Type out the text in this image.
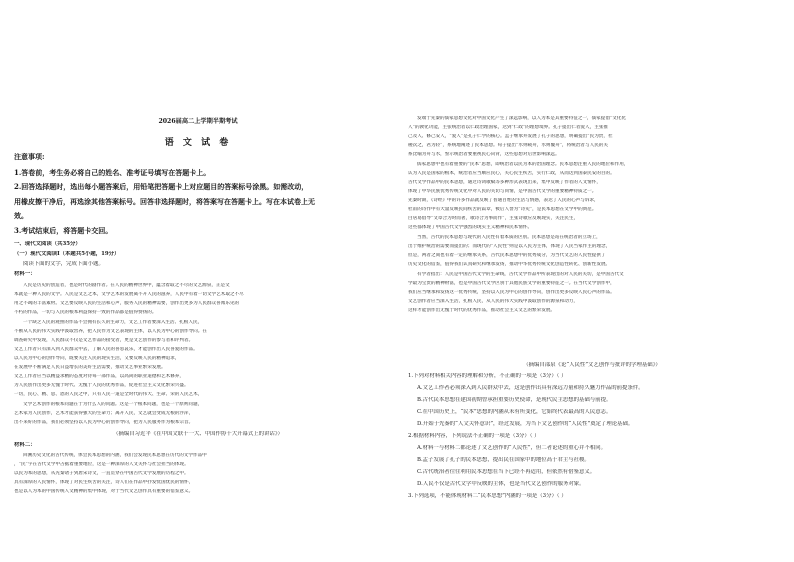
2026届高二上学期半期考试
语 文 试 卷
注意事项:
1.答卷前，考生务必将自己的姓名、准考证号填写在答题卡上。
2.回答选择题时，选出每小题答案后，用铅笔把答题卡上对应题目的答案标号涂黑。如需改动，
用橡皮擦干净后，再选涂其他答案标号。回答非选择题时，将答案写在答题卡上。写在本试卷上无
效。
3.考试结束后，将答题卡交回。
一、现代文阅读（共35分）
（一）现代文阅读Ⅰ（本题共5小题，19分）
阅读下面的文字，完成下面小题。
材料一：
人民是历史的创造者，也是时代的剧作者。在人民的精神世界中，蕴含着取之不尽的文艺源泉，正是文
本就是一种人民的文学。人民是文艺之本，文学艺术的发展离不开人民的滋养，人民中有着一切文学艺术取之不尽
用之不竭的丰富素材。文艺要反映人民的生活和心声，服务人民的精神需要，创作出更多为人民群众喜闻乐见的
不朽的作品，一切与人民的根本利益保持一致的作品都是值得赞扬的。
一个缺乏人民的观照的作品不会拥有长久的生命力，文艺工作者要深入生活、扎根人民，
不断从人民的伟大实践中汲取营养，把人民作为文艺表现的主体，以人民为中心的创作导向。在
调查研究中发现，人民群众不仅是文艺作品的接受者，更是文艺创作的参与者和评判者。
文艺工作者只有深入到人民群众中去，了解人民的喜怒哀乐，才能创作出人民喜爱的作品。
以人民为中心的创作导向，既要关注人民的现实生活，又要反映人民的精神追求，
在发展中不断满足人民日益增长的美好生活需要，推动文艺事业繁荣发展。
文艺工作者应当以精益求精的态度对待每一部作品，以高尚的职业道德和艺术修养，
为人民创作出更多无愧于时代、无愧于人民的优秀作品，促进社会主义文化繁荣兴盛。
一切，民心、精、思、恩的人民之中，只有人民一道是全时代的伟大、生命、荣的人民艺术，
文学艺术创作的根本问题在于为什么人的问题。这是一个根本问题，也是一个原则问题，
艺术家为人民创作，艺术才能获得强大的生命力；离开人民，文艺就会变成无根的浮萍，
出不来好的作品，我们必须坚持以人民为中心的创作导向，把为人民服务作为根本宗旨。
（摘编自习近平《在中国文联十一大、中国作协十大开幕式上的讲话》）
材料二：
回溯历史文化的古代传统，体会民本思想的内涵，我们会发现民本思想在历代的文学作品中
，“民”字在古代文学中占据着重要地位，这是一种深厚的人文关怀与社会担当的体现。
以民为本的思想，从先秦诸子到唐宋诗文，一直贯穿在中国古代文学发展的历程之中。
具有深厚的人民情怀，体现了对民生疾苦的关注，诗人们在作品中抒发忧国忧民的情怀，
也是以人为本的中国传统人文精神的集中体现，对于当代文艺创作具有重要的借鉴意义。
发端于先秦的儒家思想文化对中国文化产生了深远影响，以人为本是其重要特征之一，儒家提倡“文化化
人”的教化功能，主张统治者以仁政治理国家，达到“仁政”的理想境界。孔子提出仁者爱人，主张推
己及人、修己安人，“爱人”是孔子仁学的核心。孟子继承并发展了孔子的思想，明确提出“民为贵，社
稷次之，君为轻”，系统地阐述了民本思想。荀子提出“水则载舟，水则覆舟”，将统治者与人民的关
系比喻为舟与水，警示统治者要重视民心向背，这些思想对后世影响深远。
儒家思想中也有着重要的“民本”思想，即统治者以民为本的治国理念。民本思想注重人民的地位和作用，
认为人民是国家的根本，统治者应当顺应民心，关心民生疾苦，实行仁政，从而达到国泰民安的目的。
古代文学作品中的民本思想，通过诗词歌赋等多种形式表现出来，集中反映了作者的人文情怀，
体现了中华民族优秀传统文化中对人民的关切与同情，是中国古代文学的重要精神特质之一。
先秦时期，《诗经》中的许多作品就反映了普通百姓的生活与情感，表达了人民的心声与诉求，
杜甫的诗作中有大量反映民间疾苦的篇章，被后人誉为“诗史”，是民本思想在文学中的典范。
白居易倡导“文章合为时而著，歌诗合为事而作”，主张诗歌应反映现实，关注民生，
这些都体现了中国古代文学强烈的现实主义精神和民本情怀。
当然，古代的民本思想与现代的人民性有着本质的区别。民本思想是站在统治者的立场上，
出于维护统治的需要而提出的；而现代的“人民性”则是以人民为主体，体现了人民当家作主的理念，
但是，两者之间也有着一定的继承关系，古代民本思想中的优秀成分，为当代文艺的人民性提供了
历史文化的借鉴，值得我们认真研究和继承发扬，推动中华优秀传统文化创造性转化、创新性发展。
有学者指出：人民是中国古代文学的生命线，古代文学作品中所表现出的对人民的关切，是中国古代文
学最为宝贵的精神财富，也是中国古代文学区别于其他民族文学的重要特征之一。在当代文学创作中，
我们应当继承和发扬这一优秀传统，坚持以人民为中心的创作导向，创作出更多反映人民心声的作品。
文艺创作者应当深入生活，扎根人民，从人民的伟大实践中汲取创作的源泉和动力，
这样才能创作出无愧于时代的优秀作品，推动社会主义文艺的繁荣发展。
（摘编自邵泉《论“人民性”文艺创作与批评的学理基础》）
1.下列对材料相关内容的理解和分析，不正确的一项是（3分）（ ）
A.文艺工作者必须深入到人民群众中去，这是创作出具有深远力量和持久魅力作品的前提条件。
B.古代民本思想在建国初期曾承担重要历史使命，是现代民主思想的基础与前提。
C.在中国历史上，“民本”思想的内涵从未有所变化，它始终代表最高的人民意志。
D.开始于先秦的“人文关怀意识”，经过发展，为当下文艺创作的“人民性”奠定了理论基础。
2.根据材料内容，下列说法不正确的一项是（3分）（ ）
A.材料一与材料二都论述了文艺创作的“人民性”，但二者论述的重心并不相同。
B.孟子发展了孔子的民本思想，提出民在国家中的地位高于君主与社稷。
C.古代统治者往往利用民本思想在当下已经不再适用，但依然有借鉴意义。
D.人民不仅是古代文学中反映的主体，也是当代文艺创作的服务对象。
3.下列选项，不能体现材料二“民本思想”内涵的一项是（3分）（ ）
